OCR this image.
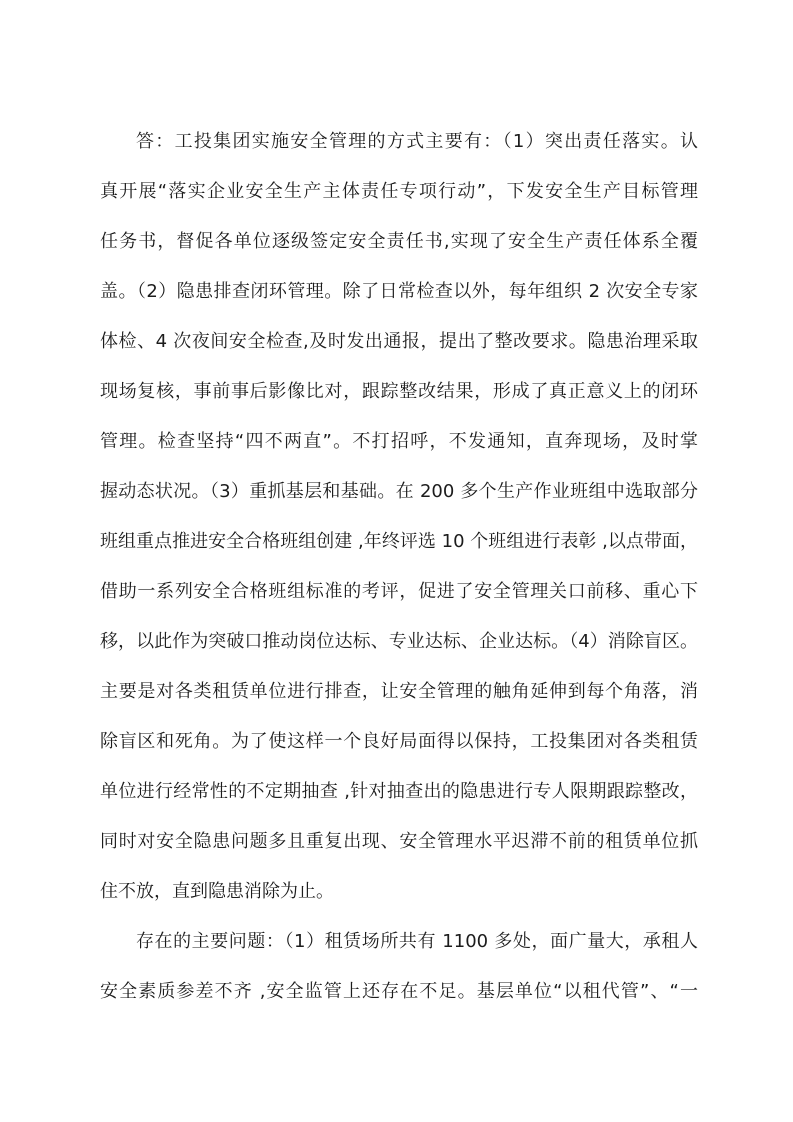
答：工投集团实施安全管理的方式主要有：（1）突出责任落实。认
真开展“落实企业安全生产主体责任专项行动”，下发安全生产目标管理
任务书，督促各单位逐级签定安全责任书,实现了安全生产责任体系全覆
盖。（2）隐患排查闭环管理。除了日常检查以外，每年组织 2 次安全专家
体检、4 次夜间安全检查,及时发出通报，提出了整改要求。隐患治理采取
现场复核，事前事后影像比对，跟踪整改结果，形成了真正意义上的闭环
管理。检查坚持“四不两直”。不打招呼，不发通知，直奔现场，及时掌
握动态状况。（3）重抓基层和基础。在 200 多个生产作业班组中选取部分
班组重点推进安全合格班组创建 ,年终评选 10 个班组进行表彰 ,以点带面，
借助一系列安全合格班组标准的考评，促进了安全管理关口前移、重心下
移，以此作为突破口推动岗位达标、专业达标、企业达标。（4）消除盲区。
主要是对各类租赁单位进行排查，让安全管理的触角延伸到每个角落，消
除盲区和死角。为了使这样一个良好局面得以保持，工投集团对各类租赁
单位进行经常性的不定期抽查 ,针对抽查出的隐患进行专人限期跟踪整改，
同时对安全隐患问题多且重复出现、安全管理水平迟滞不前的租赁单位抓
住不放，直到隐患消除为止。
存在的主要问题：（1）租赁场所共有 1100 多处，面广量大，承租人
安全素质参差不齐 ,安全监管上还存在不足。基层单位“以租代管”、“一
